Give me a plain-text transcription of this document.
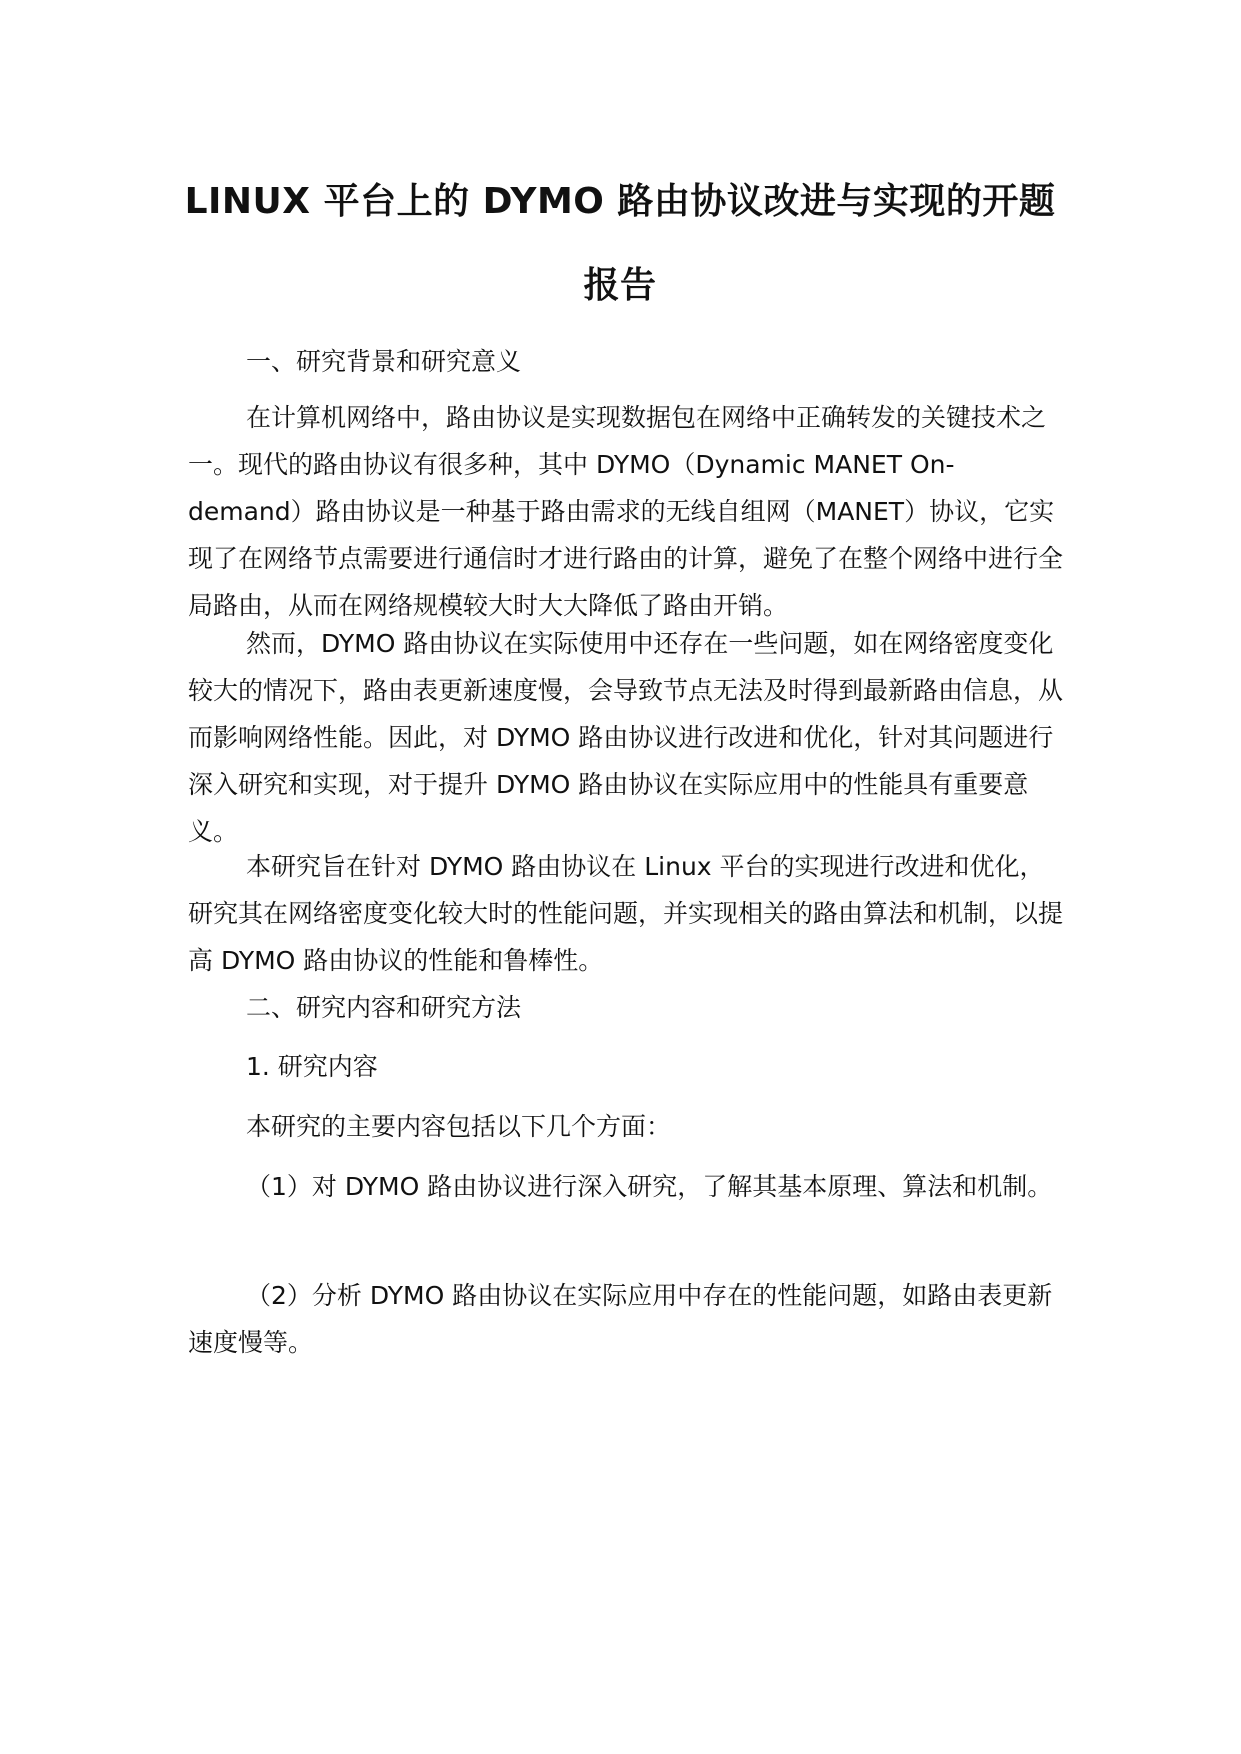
LINUX 平台上的 DYMO 路由协议改进与实现的开题
报告

一、研究背景和研究意义

在计算机网络中，路由协议是实现数据包在网络中正确转发的关键技术之一。现代的路由协议有很多种，其中 DYMO（Dynamic MANET On-demand）路由协议是一种基于路由需求的无线自组网（MANET）协议，它实现了在网络节点需要进行通信时才进行路由的计算，避免了在整个网络中进行全局路由，从而在网络规模较大时大大降低了路由开销。

然而，DYMO 路由协议在实际使用中还存在一些问题，如在网络密度变化较大的情况下，路由表更新速度慢，会导致节点无法及时得到最新路由信息，从而影响网络性能。因此，对 DYMO 路由协议进行改进和优化，针对其问题进行深入研究和实现，对于提升 DYMO 路由协议在实际应用中的性能具有重要意义。

本研究旨在针对 DYMO 路由协议在 Linux 平台的实现进行改进和优化，研究其在网络密度变化较大时的性能问题，并实现相关的路由算法和机制，以提高 DYMO 路由协议的性能和鲁棒性。

二、研究内容和研究方法

1. 研究内容

本研究的主要内容包括以下几个方面：

（1）对 DYMO 路由协议进行深入研究，了解其基本原理、算法和机制。

（2）分析 DYMO 路由协议在实际应用中存在的性能问题，如路由表更新速度慢等。
